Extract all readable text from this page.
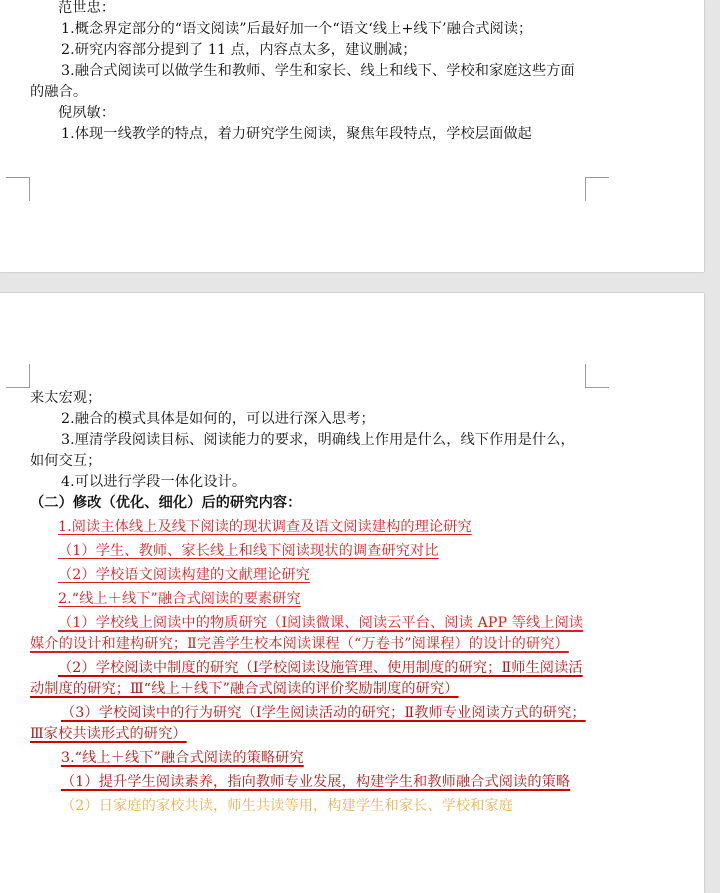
范世忠：

1.概念界定部分的“语文阅读”后最好加一个“语文‘线上+线下’融合式阅读；

2.研究内容部分提到了 11 点，内容点太多，建议删减；

3.融合式阅读可以做学生和教师、学生和家长、线上和线下、学校和家庭这些方面的融合。

倪夙敏：

1.体现一线教学的特点，着力研究学生阅读，聚焦年段特点，学校层面做起

来太宏观；

2.融合的模式具体是如何的，可以进行深入思考；

3.厘清学段阅读目标、阅读能力的要求，明确线上作用是什么，线下作用是什么，如何交互；

4.可以进行学段一体化设计。

（二）修改（优化、细化）后的研究内容：

1.阅读主体线上及线下阅读的现状调查及语文阅读建构的理论研究

（1）学生、教师、家长线上和线下阅读现状的调查研究对比

（2）学校语文阅读构建的文献理论研究

2.“线上＋线下”融合式阅读的要素研究

（1）学校线上阅读中的物质研究（Ⅰ阅读微课、阅读云平台、阅读 APP 等线上阅读媒介的设计和建构研究；Ⅱ完善学生校本阅读课程（“万卷书”阅课程）的设计的研究）

（2）学校阅读中制度的研究（Ⅰ学校阅读设施管理、使用制度的研究；Ⅱ师生阅读活动制度的研究；Ⅲ“线上＋线下”融合式阅读的评价奖励制度的研究）

（3）学校阅读中的行为研究（Ⅰ学生阅读活动的研究；Ⅱ教师专业阅读方式的研究；Ⅲ家校共读形式的研究）

3.“线上＋线下”融合式阅读的策略研究

（1）提升学生阅读素养，指向教师专业发展，构建学生和教师融合式阅读的策略

（2）日家庭的家校共读，师生共读等用，构建学生和家长、学校和家庭
